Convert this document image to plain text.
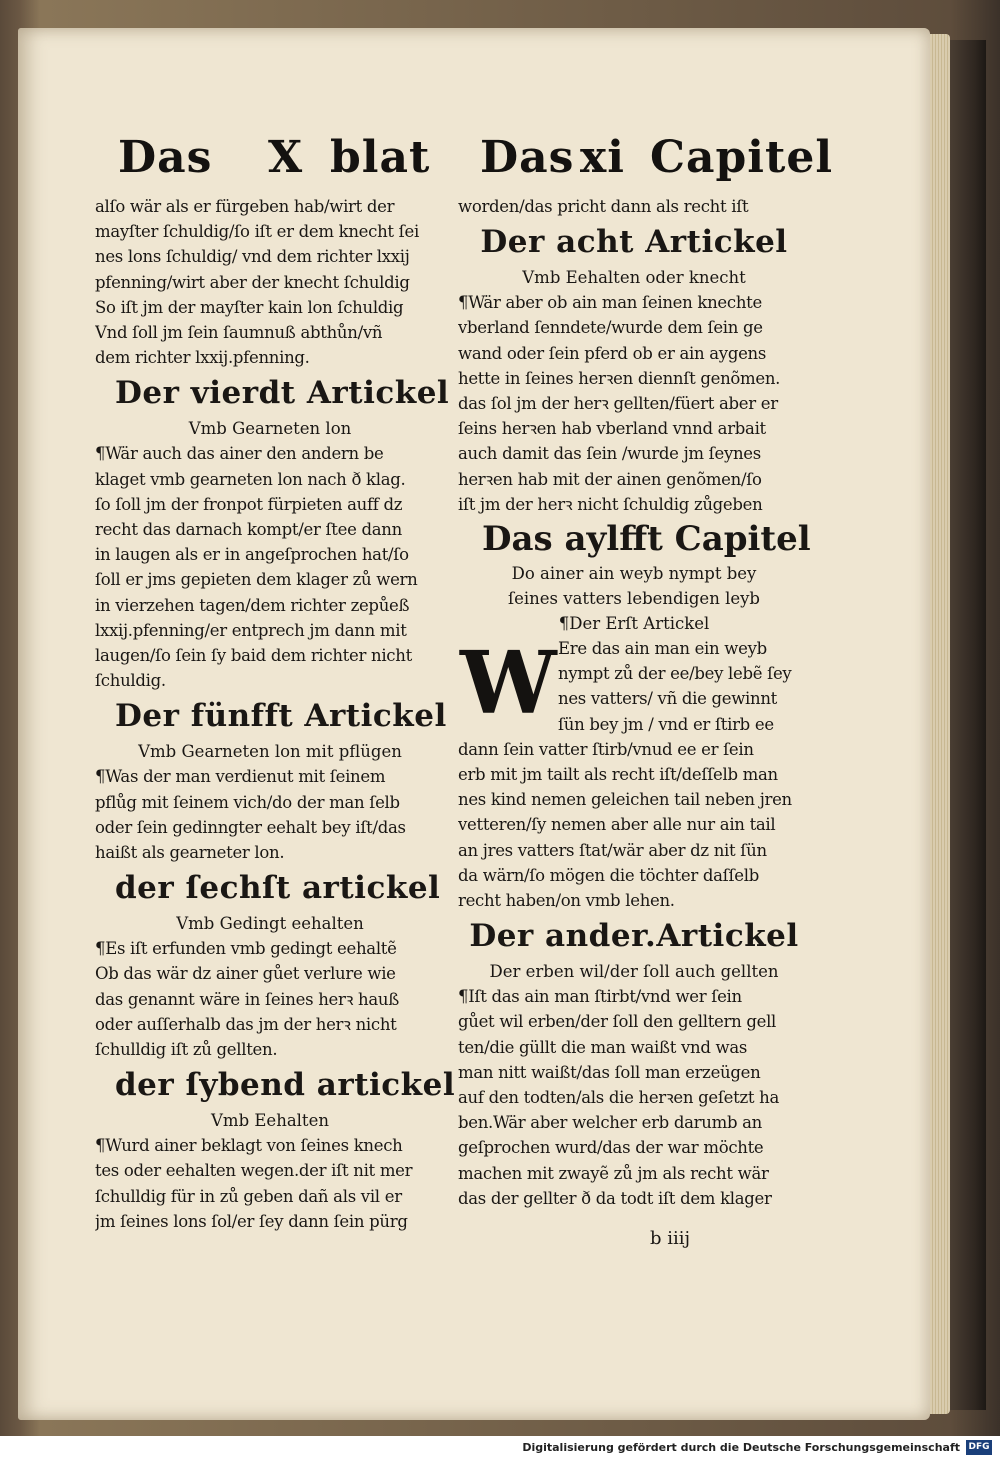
Das X blat Das xi Capitel
alſo wär als er fürgeben hab/wirt der
mayſter ſchuldig/ſo iſt er dem knecht ſei
nes lons ſchuldig/ vnd dem richter lxxij
pfenning/wirt aber der knecht ſchuldig
So iſt jm der mayſter kain lon ſchuldig
Vnd ſoll jm ſein ſaumnuß abthůn/vñ
dem richter lxxij.pfenning.
Der vierdt Artickel
Vmb Gearneten lon
¶Wär auch das ainer den andern be
klaget vmb gearneten lon nach ð klag.
ſo ſoll jm der fronpot fürpieten auff dz
recht das darnach kompt/er ſtee dann
in laugen als er in angeſprochen hat/ſo
ſoll er jms gepieten dem klager zů wern
in vierzehen tagen/dem richter zepůeß
lxxij.pfenning/er entprech jm dann mit
laugen/ſo ſein ſy baid dem richter nicht
ſchuldig.
Der fünfft Artickel
Vmb Gearneten lon mit pflügen
¶Was der man verdienut mit ſeinem
pflůg mit ſeinem vich/do der man ſelb
oder ſein gedinngter eehalt bey iſt/das
haißt als gearneter lon.
der ſechſt artickel
Vmb Gedingt eehalten
¶Es iſt erfunden vmb gedingt eehaltẽ
Ob das wär dz ainer gůet verlure wie
das genannt wäre in ſeines herꝛ hauß
oder auſſerhalb das jm der herꝛ nicht
ſchulldig iſt zů gellten.
der ſybend artickel
Vmb Eehalten
¶Wurd ainer beklagt von ſeines knech
tes oder eehalten wegen.der iſt nit mer
ſchulldig für in zů geben dañ als vil er
jm ſeines lons ſol/er ſey dann ſein pürg
worden/das pricht dann als recht iſt
Der acht Artickel
Vmb Eehalten oder knecht
¶Wär aber ob ain man ſeinen knechte
vberland ſenndete/wurde dem ſein ge
wand oder ſein pferd ob er ain aygens
hette in ſeines herꝛen diennſt genõmen.
das ſol jm der herꝛ gellten/füert aber er
ſeins herꝛen hab vberland vnnd arbait
auch damit das ſein /wurde jm ſeynes
herꝛen hab mit der ainen genõmen/ſo
iſt jm der herꝛ nicht ſchuldig zůgeben
Das aylfft Capitel
Do ainer ain weyb nympt bey
ſeines vatters lebendigen leyb
¶Der Erſt Artickel
W Ere das ain man ein weyb
nympt zů der ee/bey lebẽ ſey
nes vatters/ vñ die gewinnt
ſün bey jm / vnd er ſtirb ee
dann ſein vatter ſtirb/vnud ee er ſein
erb mit jm tailt als recht iſt/deſſelb man
nes kind nemen geleichen tail neben jren
vetteren/ſy nemen aber alle nur ain tail
an jres vatters ſtat/wär aber dz nit ſün
da wärn/ſo mögen die töchter daſſelb
recht haben/on vmb lehen.
Der ander.Artickel
Der erben wil/der ſoll auch gellten
¶Iſt das ain man ſtirbt/vnd wer ſein
gůet wil erben/der ſoll den gelltern gell
ten/die güllt die man waißt vnd was
man nitt waißt/das ſoll man erzeügen
auf den todten/als die herꝛen geſetzt ha
ben.Wär aber welcher erb darumb an
geſprochen wurd/das der war möchte
machen mit zwayẽ zů jm als recht wär
das der gellter ð da todt iſt dem klager
b iiij
Digitalisierung gefördert durch die Deutsche Forschungsgemeinschaft DFG
